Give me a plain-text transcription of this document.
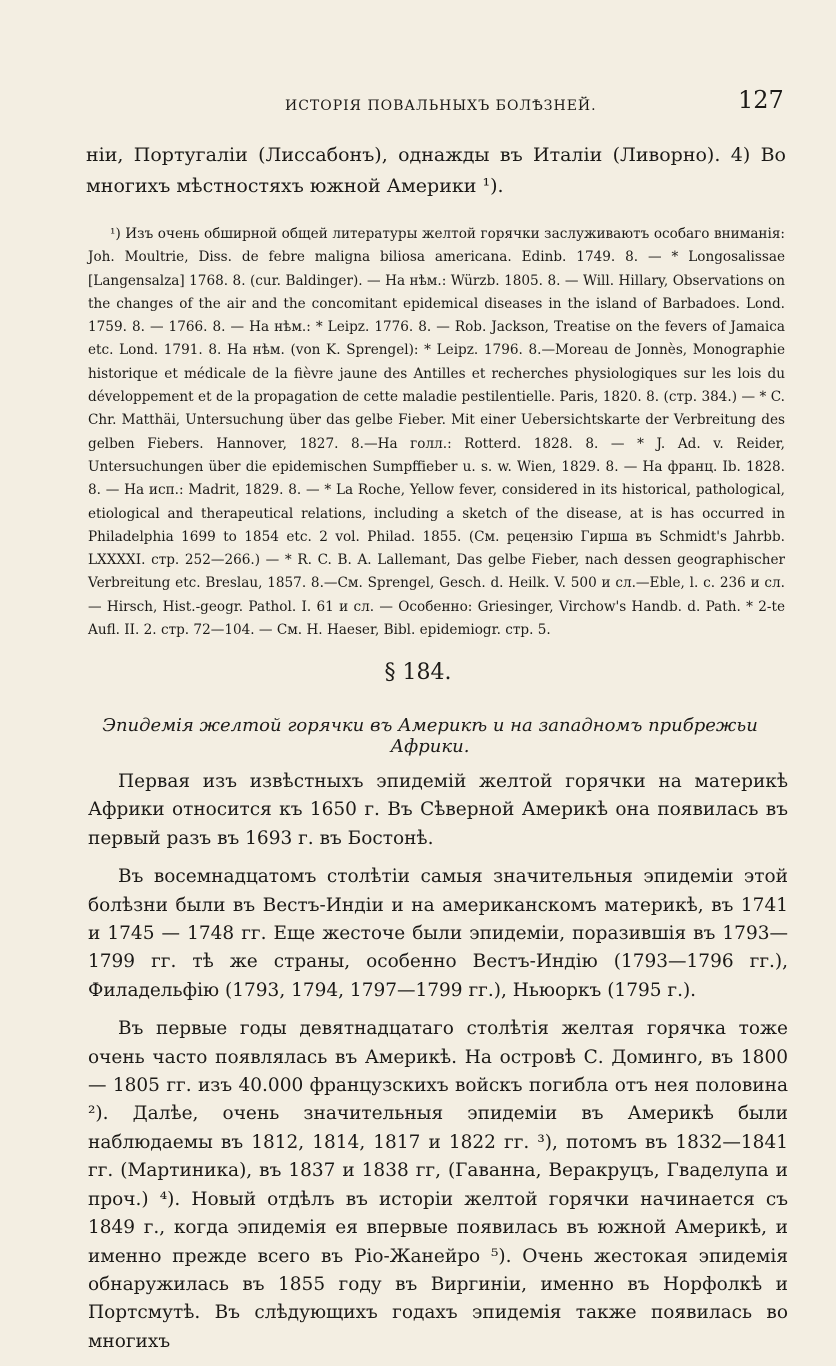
ИСТОРІЯ ПОВАЛЬНЫХЪ БОЛѢЗНЕЙ.	127
ніи, Португаліи (Лиссабонъ), однажды въ Италіи (Ливорно). 4) Во многихъ мѣстностяхъ южной Америки ¹).
¹) Изъ очень обширной общей литературы желтой горячки заслуживаютъ особаго вниманія: Joh. Moultrie, Diss. de febre maligna biliosa americana. Edinb. 1749. 8. — * Longosalissae [Langensalza] 1768. 8. (cur. Baldinger). — На нѣм.: Würzb. 1805. 8. — Will. Hillary, Observations on the changes of the air and the concomitant epidemical diseases in the island of Barbadoes. Lond. 1759. 8. — 1766. 8. — На нѣм.: * Leipz. 1776. 8. — Rob. Jackson, Treatise on the fevers of Jamaica etc. Lond. 1791. 8. На нѣм. (von K. Sprengel): * Leipz. 1796. 8.—Moreau de Jonnès, Monographie historique et médicale de la fièvre jaune des Antilles et recherches physiologiques sur les lois du développement et de la propagation de cette maladie pestilentielle. Paris, 1820. 8. (стр. 384.) — * C. Chr. Matthäi, Untersuchung über das gelbe Fieber. Mit einer Uebersichtskarte der Verbreitung des gelben Fiebers. Hannover, 1827. 8.—На голл.: Rotterd. 1828. 8. — * J. Ad. v. Reider, Untersuchungen über die epidemischen Sumpffieber u. s. w. Wien, 1829. 8. — На франц. Ib. 1828. 8. — На исп.: Madrit, 1829. 8. — * La Roche, Yellow fever, considered in its historical, pathological, etiological and therapeutical relations, including a sketch of the disease, at is has occurred in Philadelphia 1699 to 1854 etc. 2 vol. Philad. 1855. (См. рецензію Гирша въ Schmidt's Jahrbb. LXXXXI. стр. 252—266.) — * R. C. B. A. Lallemant, Das gelbe Fieber, nach dessen geographischer Verbreitung etc. Breslau, 1857. 8.—См. Sprengel, Gesch. d. Heilk. V. 500 и сл.—Eble, l. c. 236 и сл. — Hirsch, Hist.-geogr. Pathol. I. 61 и сл. — Особенно: Griesinger, Virchow's Handb. d. Path. * 2-te Aufl. II. 2. стр. 72—104. — См. H. Haeser, Bibl. epidemiogr. стр. 5.
§ 184.
Эпидемія желтой горячки въ Америкѣ и на западномъ прибрежьи Африки.

Первая изъ извѣстныхъ эпидемій желтой горячки на материкѣ Африки относится къ 1650 г. Въ Сѣверной Америкѣ она появилась въ первый разъ въ 1693 г. въ Бостонѣ.

Въ восемнадцатомъ столѣтіи самыя значительныя эпидеміи этой болѣзни были въ Вестъ-Индіи и на американскомъ материкѣ, въ 1741 и 1745 — 1748 гг. Еще жесточе были эпидеміи, поразившія въ 1793—1799 гг. тѣ же страны, особенно Вестъ-Индію (1793—1796 гг.), Филадельфію (1793, 1794, 1797—1799 гг.), Ньюоркъ (1795 г.).

Въ первые годы девятнадцатаго столѣтія желтая горячка тоже очень часто появлялась въ Америкѣ. На островѣ С. Доминго, въ 1800 — 1805 гг. изъ 40.000 французскихъ войскъ погибла отъ нея половина ²). Далѣе, очень значительныя эпидеміи въ Америкѣ были наблюдаемы въ 1812, 1814, 1817 и 1822 гг. ³), потомъ въ 1832—1841 гг. (Мартиника), въ 1837 и 1838 гг, (Гаванна, Веракруцъ, Гваделупа и проч.) ⁴). Новый отдѣлъ въ исторіи желтой горячки начинается съ 1849 г., когда эпидемія ея впервые появилась въ южной Америкѣ, и именно прежде всего въ Ріо-Жанейро ⁵). Очень жестокая эпидемія обнаружилась въ 1855 году въ Виргиніи, именно въ Норфолкѣ и Портсмутѣ. Въ слѣдующихъ годахъ эпидемія также появилась во многихъ
